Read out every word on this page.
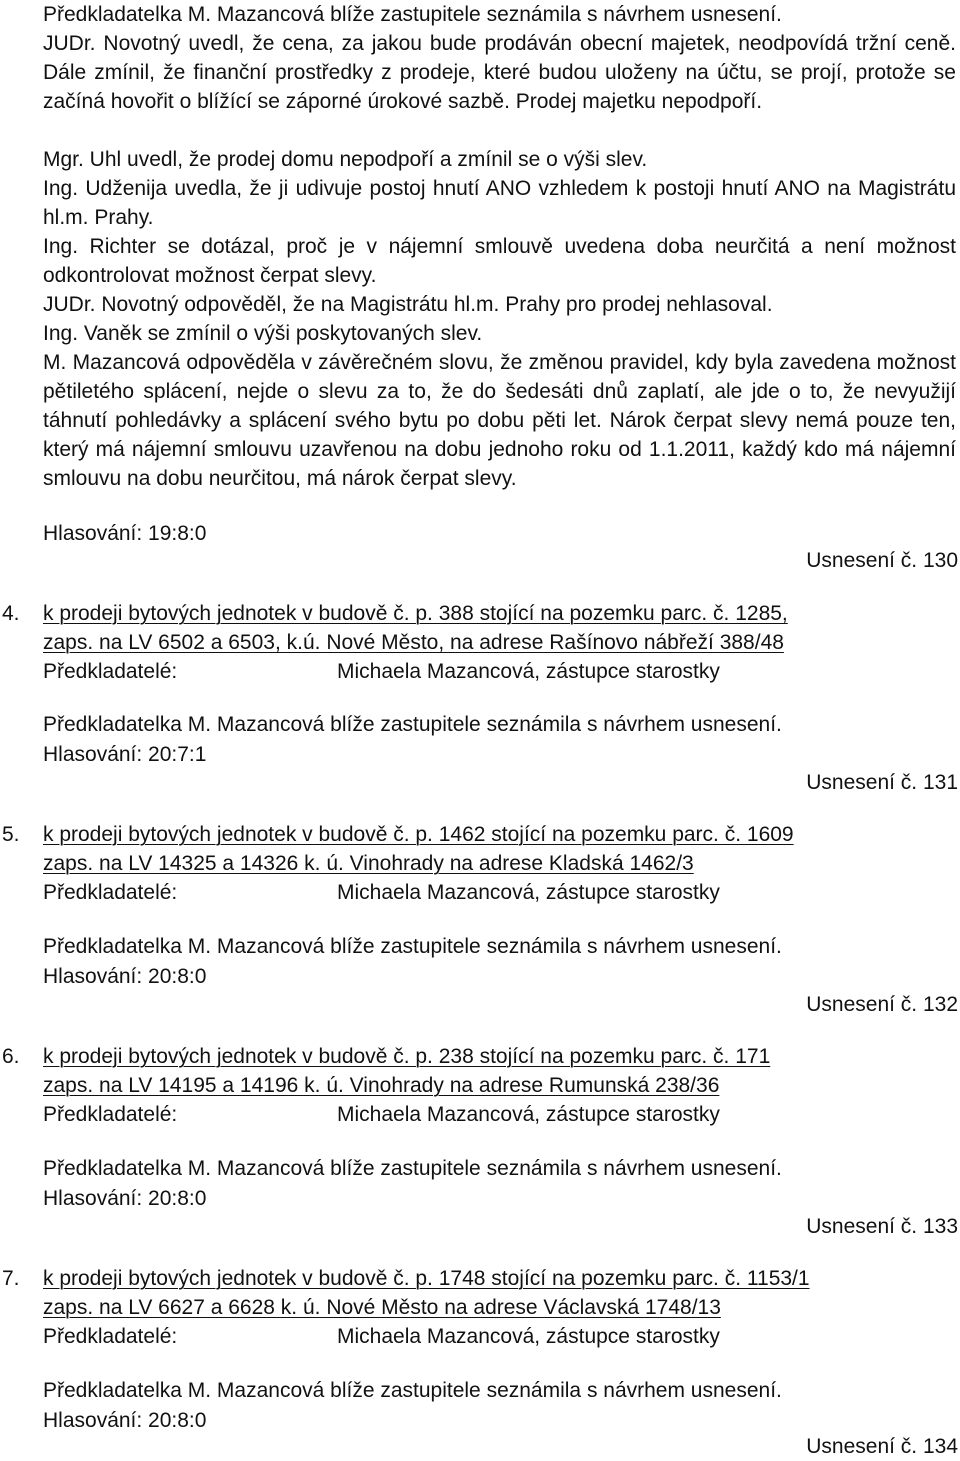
Předkladatelka M. Mazancová blíže zastupitele seznámila s návrhem usnesení.
JUDr. Novotný uvedl, že cena, za jakou bude prodáván obecní majetek, neodpovídá tržní ceně. Dále zmínil, že finanční prostředky z prodeje, které budou uloženy na účtu, se projí, protože se začíná hovořit o blížící se záporné úrokové sazbě. Prodej majetku nepodpoří.
Mgr. Uhl uvedl, že prodej domu nepodpoří a zmínil se o výši slev.
Ing. Udženija uvedla, že ji udivuje postoj hnutí ANO vzhledem k postoji hnutí ANO na Magistrátu hl.m. Prahy.
Ing. Richter se dotázal, proč je v nájemní smlouvě uvedena doba neurčitá a není možnost odkontrolovat možnost čerpat slevy.
JUDr. Novotný odpověděl, že na Magistrátu hl.m. Prahy pro prodej nehlasoval.
Ing. Vaněk se zmínil o výši poskytovaných slev.
M. Mazancová odpověděla v závěrečném slovu, že změnou pravidel, kdy byla zavedena možnost pětiletého splácení, nejde o slevu za to, že do šedesáti dnů zaplatí, ale jde o to, že nevyužijí táhnutí pohledávky a splácení svého bytu po dobu pěti let. Nárok čerpat slevy nemá pouze ten, který má nájemní smlouvu uzavřenou na dobu jednoho roku od 1.1.2011, každý kdo má nájemní smlouvu na dobu neurčitou, má nárok čerpat slevy.
Hlasování: 19:8:0
Usnesení č. 130
4. k prodeji bytových jednotek v budově č. p. 388 stojící na pozemku parc. č. 1285,
zaps. na LV 6502 a 6503, k.ú. Nové Město, na adrese Rašínovo nábřeží 388/48
Předkladatelé:	Michaela Mazancová, zástupce starostky
Předkladatelka M. Mazancová blíže zastupitele seznámila s návrhem usnesení.
Hlasování: 20:7:1
Usnesení č. 131
5. k prodeji bytových jednotek v budově č. p. 1462 stojící na pozemku parc. č. 1609
zaps. na LV 14325 a 14326 k. ú. Vinohrady na adrese Kladská 1462/3
Předkladatelé:	Michaela Mazancová, zástupce starostky
Předkladatelka M. Mazancová blíže zastupitele seznámila s návrhem usnesení.
Hlasování: 20:8:0
Usnesení č. 132
6. k prodeji bytových jednotek v budově č. p. 238 stojící na pozemku parc. č. 171
zaps. na LV 14195 a 14196 k. ú. Vinohrady na adrese Rumunská 238/36
Předkladatelé:	Michaela Mazancová, zástupce starostky
Předkladatelka M. Mazancová blíže zastupitele seznámila s návrhem usnesení.
Hlasování: 20:8:0
Usnesení č. 133
7. k prodeji bytových jednotek v budově č. p. 1748 stojící na pozemku parc. č. 1153/1
zaps. na LV 6627 a 6628 k. ú. Nové Město na adrese Václavská 1748/13
Předkladatelé:	Michaela Mazancová, zástupce starostky
Předkladatelka M. Mazancová blíže zastupitele seznámila s návrhem usnesení.
Hlasování: 20:8:0
Usnesení č. 134
